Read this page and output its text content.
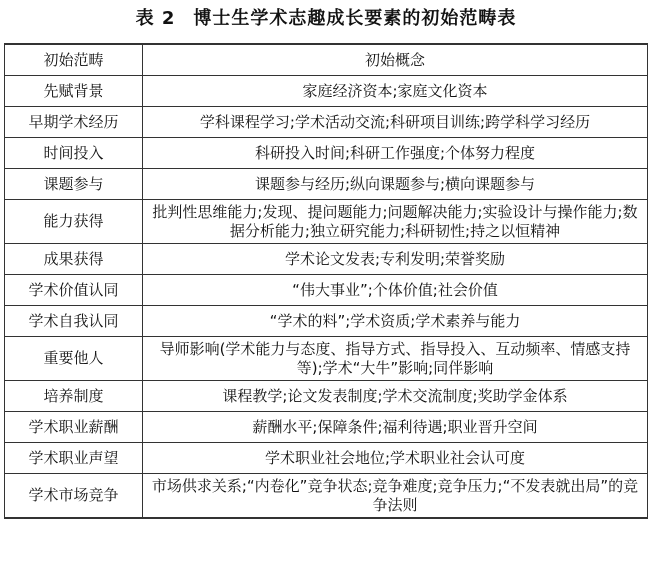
表 2 博士生学术志趣成长要素的初始范畴表
初始范畴	初始概念
先赋背景	家庭经济资本;家庭文化资本
早期学术经历	学科课程学习;学术活动交流;科研项目训练;跨学科学习经历
时间投入	科研投入时间;科研工作强度;个体努力程度
课题参与	课题参与经历;纵向课题参与;横向课题参与
能力获得	批判性思维能力;发现、提问题能力;问题解决能力;实验设计与操作能力;数据分析能力;独立研究能力;科研韧性;持之以恒精神
成果获得	学术论文发表;专利发明;荣誉奖励
学术价值认同	“伟大事业”;个体价值;社会价值
学术自我认同	“学术的料”;学术资质;学术素养与能力
重要他人	导师影响(学术能力与态度、指导方式、指导投入、互动频率、情感支持等);学术“大牛”影响;同伴影响
培养制度	课程教学;论文发表制度;学术交流制度;奖助学金体系
学术职业薪酬	薪酬水平;保障条件;福利待遇;职业晋升空间
学术职业声望	学术职业社会地位;学术职业社会认可度
学术市场竞争	市场供求关系;“内卷化”竞争状态;竞争难度;竞争压力;“不发表就出局”的竞争法则
